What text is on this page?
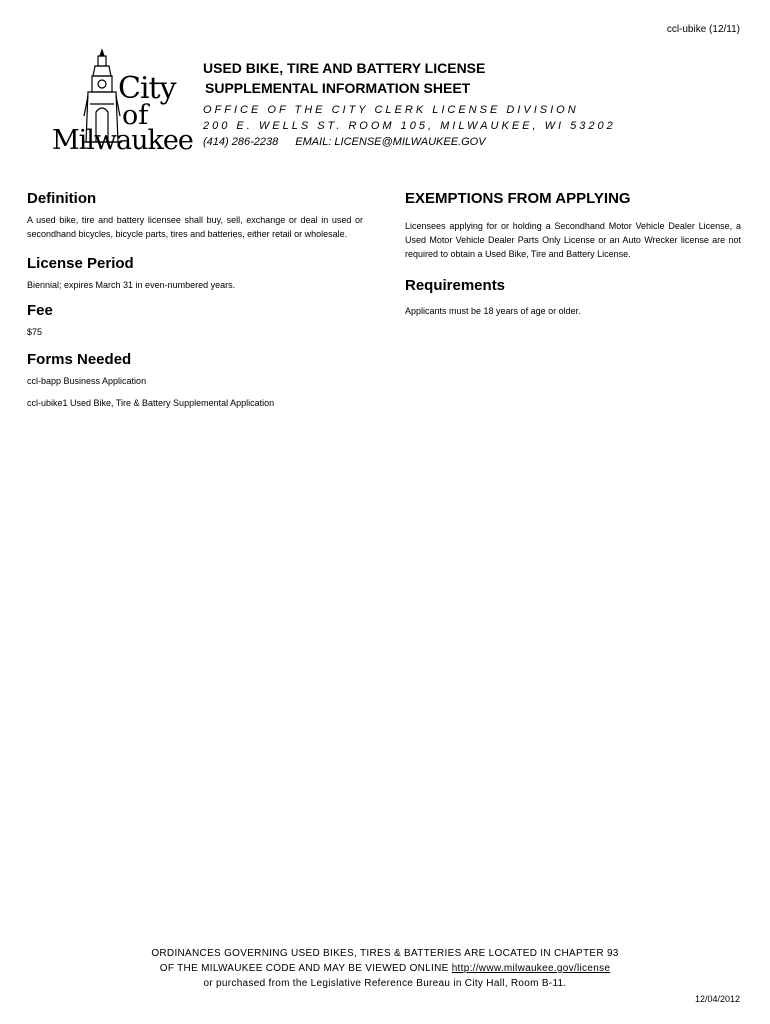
ccl-ubike (12/11)
City
of
Milwaukee
USED BIKE, TIRE AND BATTERY LICENSE
SUPPLEMENTAL INFORMATION SHEET
OFFICE OF THE CITY CLERK LICENSE DIVISION
200 E. WELLS ST. ROOM 105, MILWAUKEE, WI 53202
(414) 286-2238 EMAIL: LICENSE@MILWAUKEE.GOV
Definition

A used bike, tire and battery licensee shall buy, sell, exchange or deal in used or secondhand bicycles, bicycle parts, tires and batteries, either retail or wholesale.

License Period

Biennial; expires March 31 in even-numbered years.

Fee

$75

Forms Needed

ccl-bapp Business Application

ccl-ubike1 Used Bike, Tire & Battery Supplemental Application

EXEMPTIONS FROM APPLYING

Licensees applying for or holding a Secondhand Motor Vehicle Dealer License, a Used Motor Vehicle Dealer Parts Only License or an Auto Wrecker license are not required to obtain a Used Bike, Tire and Battery License.

Requirements

Applicants must be 18 years of age or older.

ORDINANCES GOVERNING USED BIKES, TIRES & BATTERIES ARE LOCATED IN CHAPTER 93
OF THE MILWAUKEE CODE AND MAY BE VIEWED ONLINE http://www.milwaukee.gov/license
or purchased from the Legislative Reference Bureau in City Hall, Room B-11.
12/04/2012
